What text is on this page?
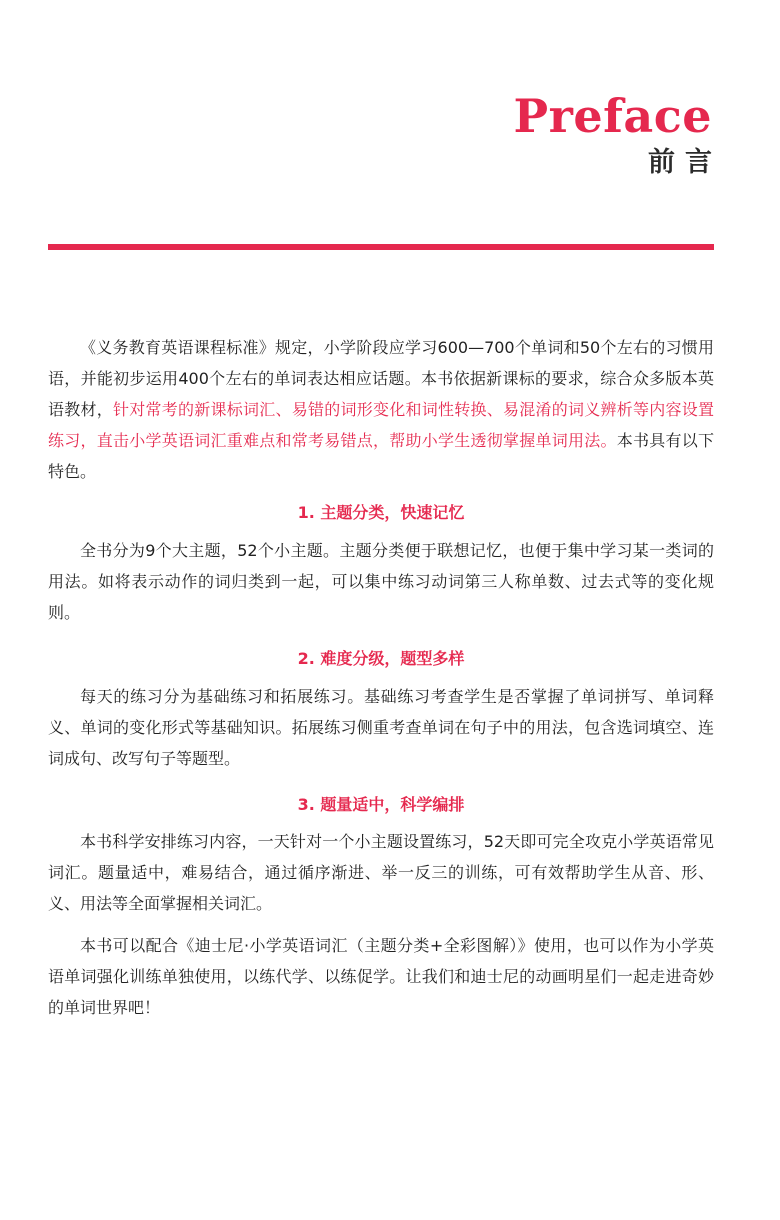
Preface
前言

《义务教育英语课程标准》规定，小学阶段应学习600—700个单词和50个左右的习惯用语，并能初步运用400个左右的单词表达相应话题。本书依据新课标的要求，综合众多版本英语教材，针对常考的新课标词汇、易错的词形变化和词性转换、易混淆的词义辨析等内容设置练习，直击小学英语词汇重难点和常考易错点，帮助小学生透彻掌握单词用法。本书具有以下特色。

1. 主题分类，快速记忆

全书分为9个大主题，52个小主题。主题分类便于联想记忆，也便于集中学习某一类词的用法。如将表示动作的词归类到一起，可以集中练习动词第三人称单数、过去式等的变化规则。

2. 难度分级，题型多样

每天的练习分为基础练习和拓展练习。基础练习考查学生是否掌握了单词拼写、单词释义、单词的变化形式等基础知识。拓展练习侧重考查单词在句子中的用法，包含选词填空、连词成句、改写句子等题型。

3. 题量适中，科学编排

本书科学安排练习内容，一天针对一个小主题设置练习，52天即可完全攻克小学英语常见词汇。题量适中，难易结合，通过循序渐进、举一反三的训练，可有效帮助学生从音、形、义、用法等全面掌握相关词汇。

本书可以配合《迪士尼·小学英语词汇（主题分类+全彩图解）》使用，也可以作为小学英语单词强化训练单独使用，以练代学、以练促学。让我们和迪士尼的动画明星们一起走进奇妙的单词世界吧！
